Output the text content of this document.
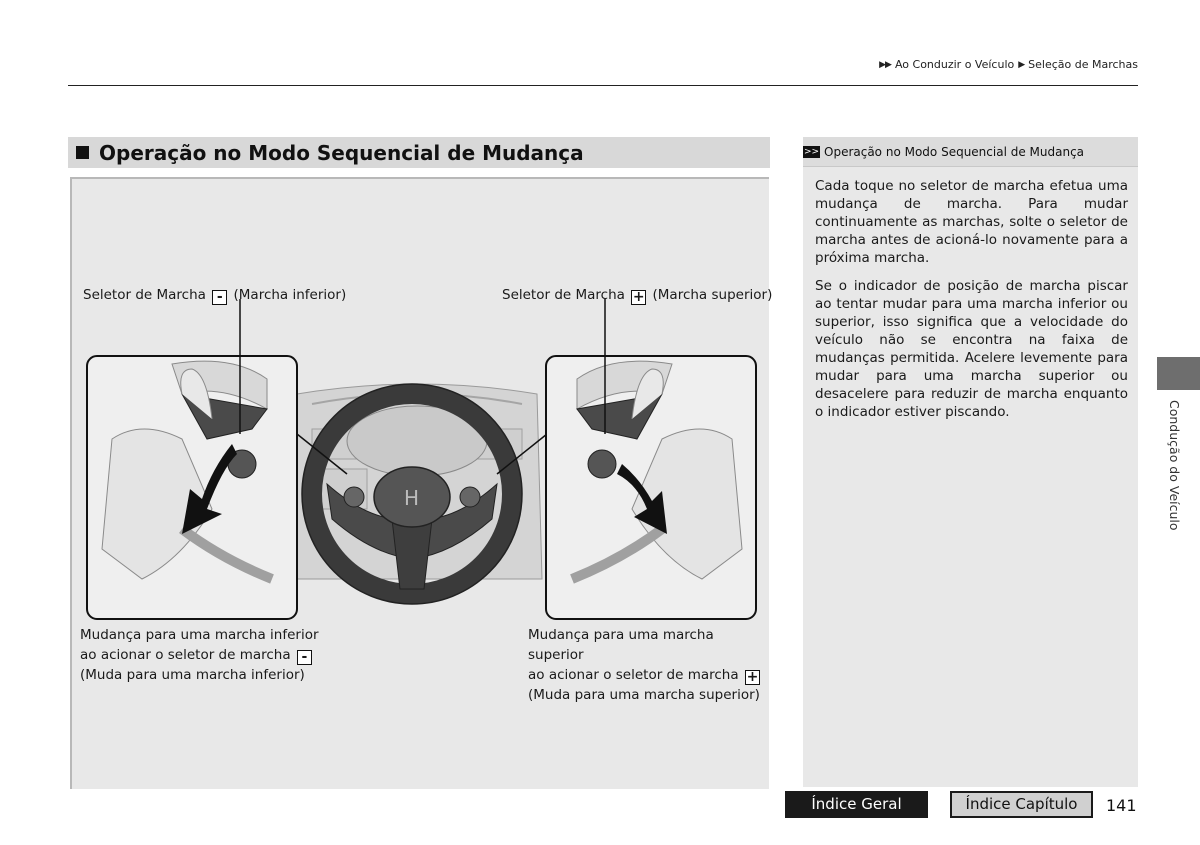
▶▶ Ao Conduzir o Veículo ▶ Seleção de Marchas
Operação no Modo Sequencial de Mudança
H
Seletor de Marcha - (Marcha inferior)	Seletor de Marcha + (Marcha superior)
Mudança para uma marcha inferior
ao acionar o seletor de marcha -
(Muda para uma marcha inferior)
Mudança para uma marcha superior
ao acionar o seletor de marcha +
(Muda para uma marcha superior)
>> Operação no Modo Sequencial de Mudança

Cada toque no seletor de marcha efetua uma mudança de marcha. Para mudar continuamente as marchas, solte o seletor de marcha antes de acioná-lo novamente para a próxima marcha.

Se o indicador de posição de marcha piscar ao tentar mudar para uma marcha inferior ou superior, isso significa que a velocidade do veículo não se encontra na faixa de mudanças permitida. Acelere levemente para mudar para uma marcha superior ou desacelere para reduzir de marcha enquanto o indicador estiver piscando.	Condução do Veículo
Índice Geral	Índice Capítulo	141
